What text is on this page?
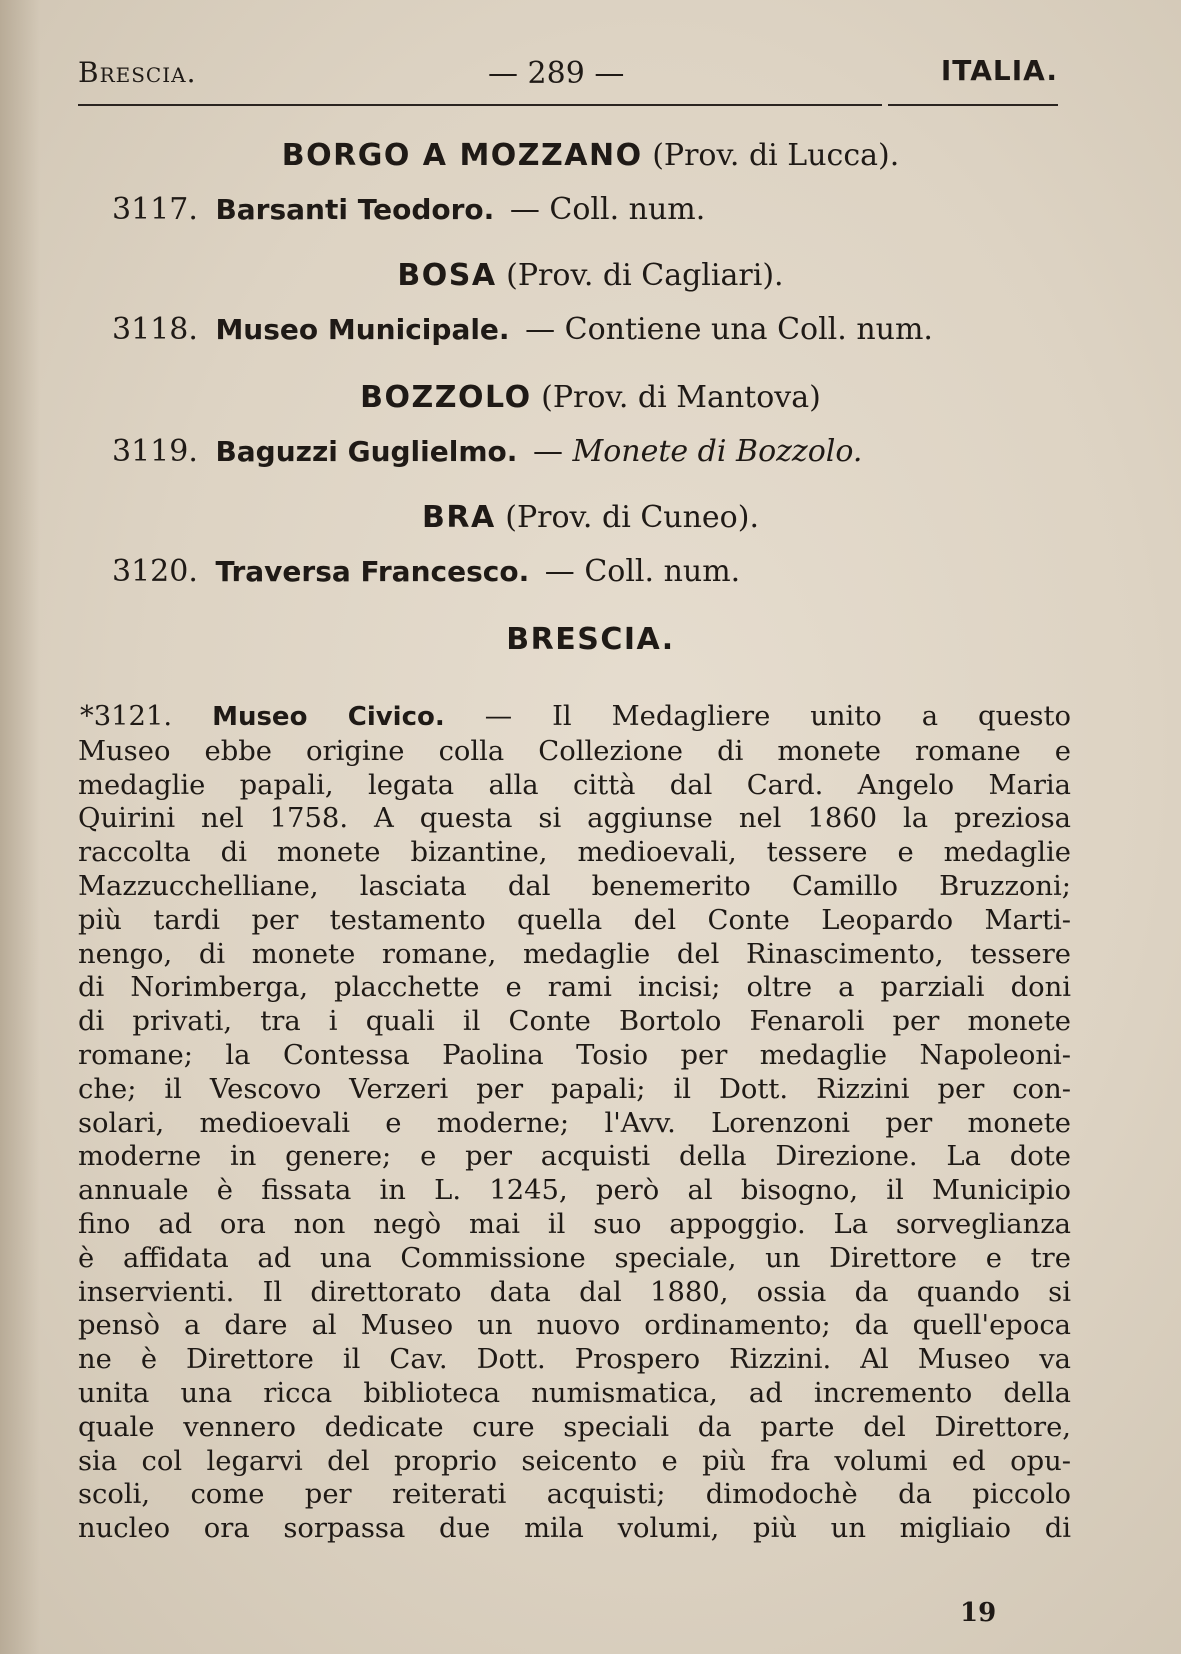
Brescia.	— 289 —	ITALIA.
BORGO A MOZZANO (Prov. di Lucca).
3117. Barsanti Teodoro. — Coll. num.
BOSA (Prov. di Cagliari).
3118. Museo Municipale. — Contiene una Coll. num.
BOZZOLO (Prov. di Mantova)
3119. Baguzzi Guglielmo. — Monete di Bozzolo.
BRA (Prov. di Cuneo).
3120. Traversa Francesco. — Coll. num.
BRESCIA.
*3121. Museo Civico. — Il Medagliere unito a questo
Museo ebbe origine colla Collezione di monete romane e
medaglie papali, legata alla città dal Card. Angelo Maria
Quirini nel 1758. A questa si aggiunse nel 1860 la preziosa
raccolta di monete bizantine, medioevali, tessere e medaglie
Mazzucchelliane, lasciata dal benemerito Camillo Bruzzoni;
più tardi per testamento quella del Conte Leopardo Marti-
nengo, di monete romane, medaglie del Rinascimento, tessere
di Norimberga, placchette e rami incisi; oltre a parziali doni
di privati, tra i quali il Conte Bortolo Fenaroli per monete
romane; la Contessa Paolina Tosio per medaglie Napoleoni-
che; il Vescovo Verzeri per papali; il Dott. Rizzini per con-
solari, medioevali e moderne; l'Avv. Lorenzoni per monete
moderne in genere; e per acquisti della Direzione. La dote
annuale è fissata in L. 1245, però al bisogno, il Municipio
fino ad ora non negò mai il suo appoggio. La sorveglianza
è affidata ad una Commissione speciale, un Direttore e tre
inservienti. Il direttorato data dal 1880, ossia da quando si
pensò a dare al Museo un nuovo ordinamento; da quell'epoca
ne è Direttore il Cav. Dott. Prospero Rizzini. Al Museo va
unita una ricca biblioteca numismatica, ad incremento della
quale vennero dedicate cure speciali da parte del Direttore,
sia col legarvi del proprio seicento e più fra volumi ed opu-
scoli, come per reiterati acquisti; dimodochè da piccolo
nucleo ora sorpassa due mila volumi, più un migliaio di
19
